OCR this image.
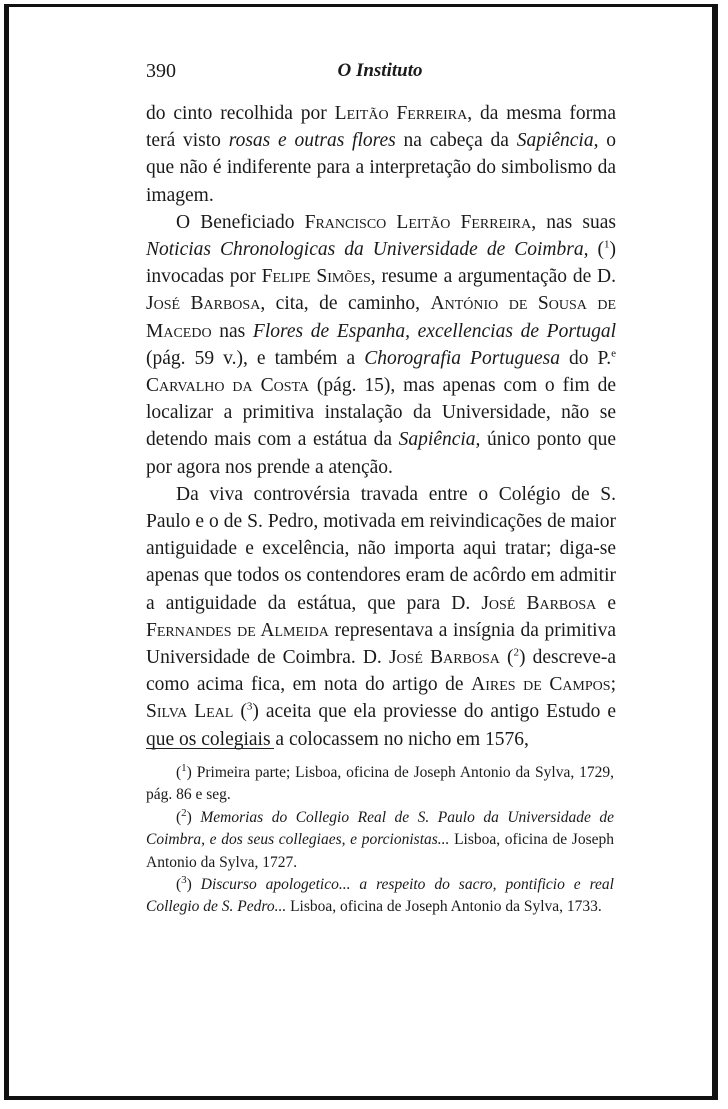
390	O Instituto

do cinto recolhida por Leitão Ferreira, da mesma forma terá visto rosas e outras flores na cabeça da Sapiência, o que não é indiferente para a interpretação do simbolismo da imagem.

O Beneficiado Francisco Leitão Ferreira, nas suas Noticias Chronologicas da Universidade de Coimbra, ($^1$) invocadas por Felipe Simões, resume a argumentação de D. José Barbosa, cita, de caminho, António de Sousa de Macedo nas Flores de Espanha, excellencias de Portugal (pág. 59 v.), e também a Chorografia Portuguesa do P.$^e$ Carvalho da Costa (pág. 15), mas apenas com o fim de localizar a primitiva instalação da Universidade, não se detendo mais com a estátua da Sapiência, único ponto que por agora nos prende a atenção.

Da viva controvérsia travada entre o Colégio de S. Paulo e o de S. Pedro, motivada em reivindicações de maior antiguidade e excelência, não importa aqui tratar; diga-se apenas que todos os contendores eram de acôrdo em admitir a antiguidade da estátua, que para D. José Barbosa e Fernandes de Almeida representava a insígnia da primitiva Universidade de Coimbra. D. José Barbosa ($^2$) descreve-a como acima fica, em nota do artigo de Aires de Campos; Silva Leal ($^3$) aceita que ela proviesse do antigo Estudo e que os colegiais a colocassem no nicho em 1576,

($^1$) Primeira parte; Lisboa, oficina de Joseph Antonio da Sylva, 1729, pág. 86 e seg.

($^2$) Memorias do Collegio Real de S. Paulo da Universidade de Coimbra, e dos seus collegiaes, e porcionistas... Lisboa, oficina de Joseph Antonio da Sylva, 1727.

($^3$) Discurso apologetico... a respeito do sacro, pontificio e real Collegio de S. Pedro... Lisboa, oficina de Joseph Antonio da Sylva, 1733.
